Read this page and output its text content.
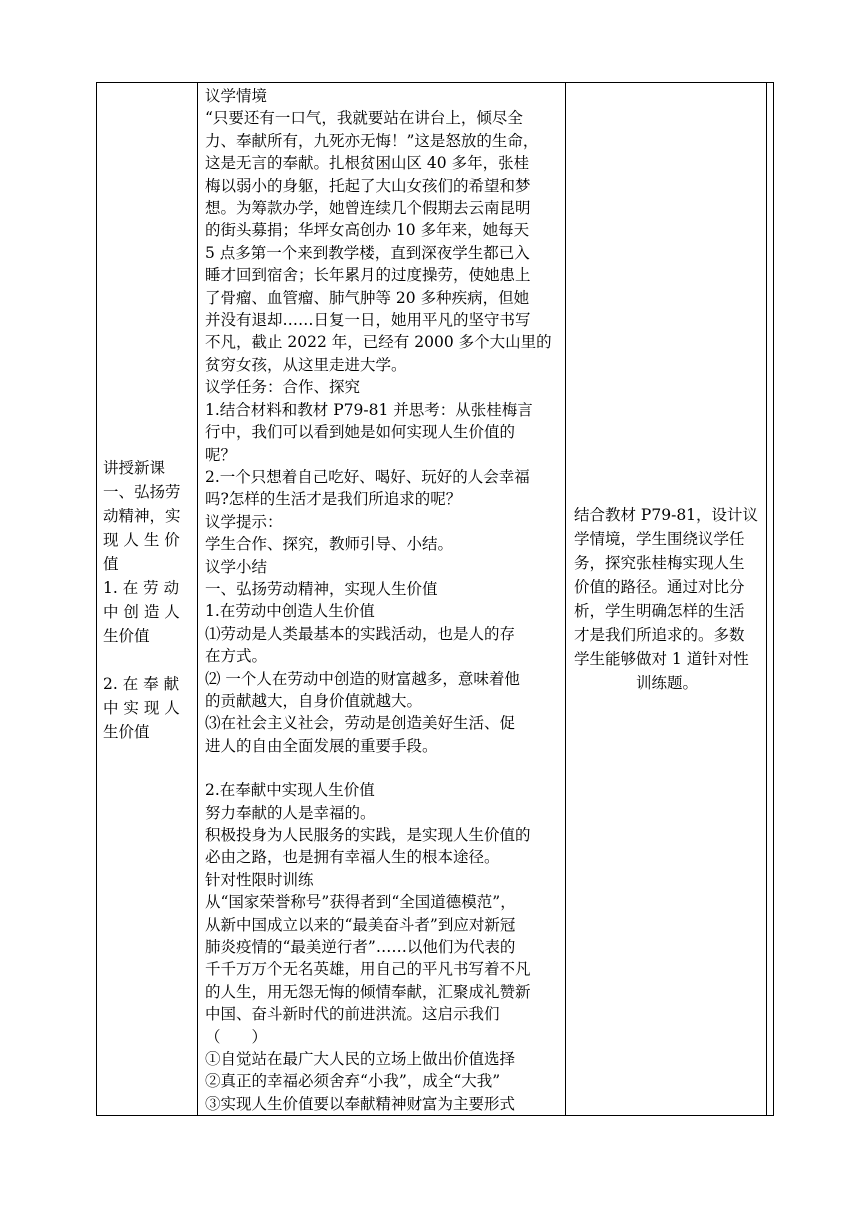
讲授新课
一、弘扬劳
动精神，实
现 人 生 价
值
1. 在 劳 动
中 创 造 人
生价值
2. 在 奉 献
中 实 现 人
生价值

议学情境
“只要还有一口气，我就要站在讲台上，倾尽全
力、奉献所有，九死亦无悔！”这是怒放的生命，
这是无言的奉献。扎根贫困山区 40 多年，张桂
梅以弱小的身躯，托起了大山女孩们的希望和梦
想。为筹款办学，她曾连续几个假期去云南昆明
的街头募捐；华坪女高创办 10 多年来，她每天
5 点多第一个来到教学楼，直到深夜学生都已入
睡才回到宿舍；长年累月的过度操劳，使她患上
了骨瘤、血管瘤、肺气肿等 20 多种疾病，但她
并没有退却……日复一日，她用平凡的坚守书写
不凡，截止 2022 年，已经有 2000 多个大山里的
贫穷女孩，从这里走进大学。
议学任务：合作、探究
1.结合材料和教材 P79-81 并思考：从张桂梅言
行中，我们可以看到她是如何实现人生价值的
呢？
2.一个只想着自己吃好、喝好、玩好的人会幸福
吗?怎样的生活才是我们所追求的呢？
议学提示：
学生合作、探究，教师引导、小结。
议学小结
一、弘扬劳动精神，实现人生价值
1.在劳动中创造人生价值
⑴劳动是人类最基本的实践活动，也是人的存
在方式。
⑵ 一个人在劳动中创造的财富越多，意味着他
的贡献越大，自身价值就越大。
⑶在社会主义社会，劳动是创造美好生活、促
进人的自由全面发展的重要手段。
2.在奉献中实现人生价值
努力奉献的人是幸福的。
积极投身为人民服务的实践，是实现人生价值的
必由之路，也是拥有幸福人生的根本途径。
针对性限时训练
从“国家荣誉称号”获得者到“全国道德模范”，
从新中国成立以来的“最美奋斗者”到应对新冠
肺炎疫情的“最美逆行者”……以他们为代表的
千千万万个无名英雄，用自己的平凡书写着不凡
的人生，用无怨无悔的倾情奉献，汇聚成礼赞新
中国、奋斗新时代的前进洪流。这启示我们
（　　）
①自觉站在最广大人民的立场上做出价值选择
②真正的幸福必须舍弃“小我”，成全“大我”
③实现人生价值要以奉献精神财富为主要形式

结合教材 P79-81，设计议
学情境，学生围绕议学任
务，探究张桂梅实现人生
价值的路径。通过对比分
析，学生明确怎样的生活
才是我们所追求的。多数
学生能够做对 1 道针对性
训练题。
